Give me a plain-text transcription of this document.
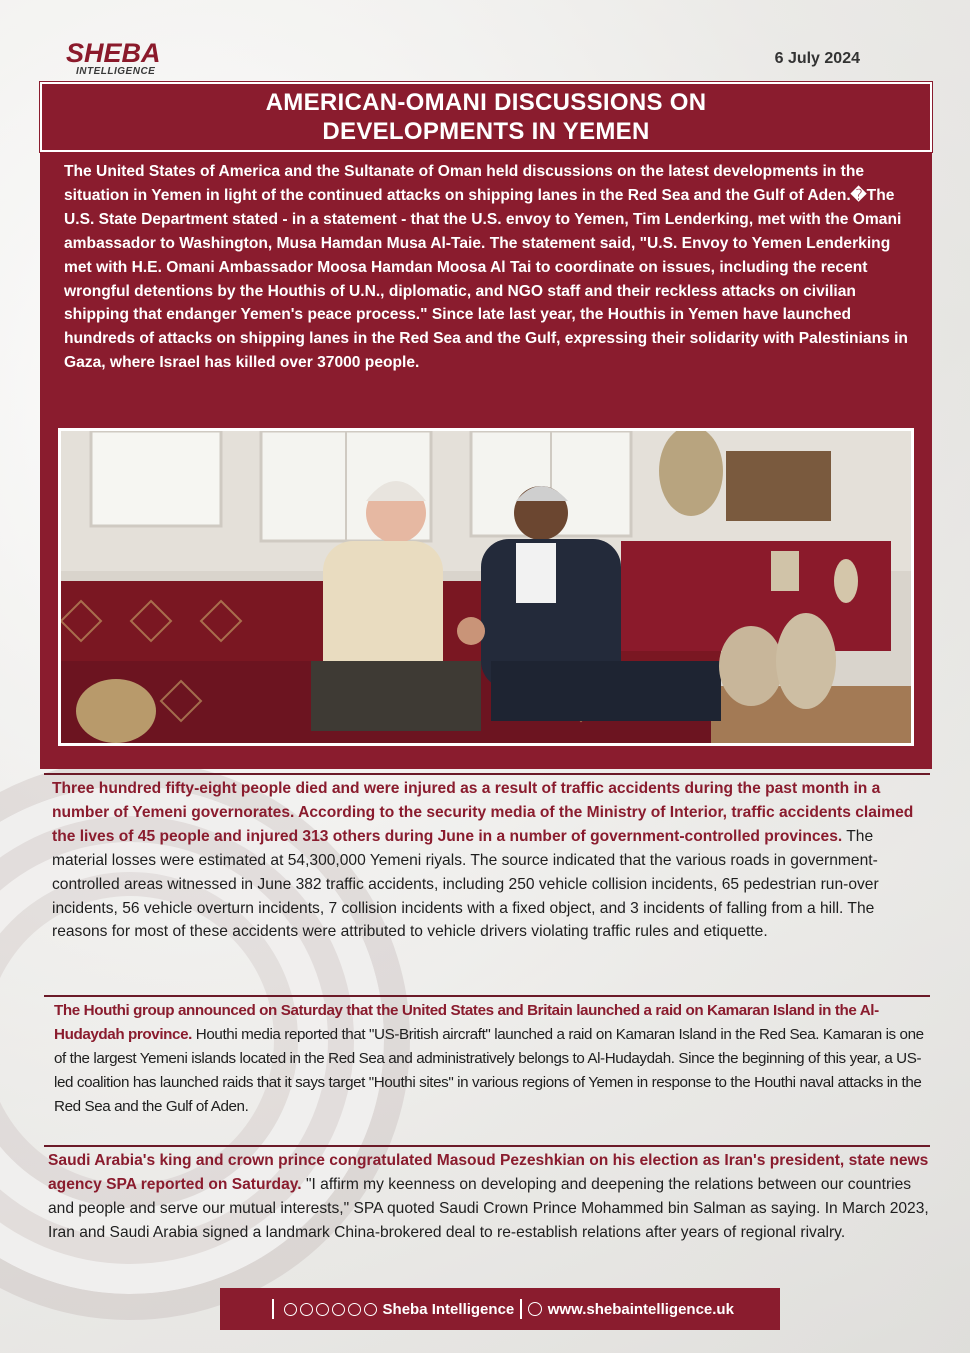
SHEBA
INTELLIGENCE
6 July 2024
AMERICAN-OMANI DISCUSSIONS ON
DEVELOPMENTS IN YEMEN
The United States of America and the Sultanate of Oman held discussions on the latest developments in the situation in Yemen in light of the continued attacks on shipping lanes in the Red Sea and the Gulf of Aden.�The U.S. State Department stated - in a statement - that the U.S. envoy to Yemen, Tim Lenderking, met with the Omani ambassador to Washington, Musa Hamdan Musa Al-Taie. The statement said, "U.S. Envoy to Yemen Lenderking met with H.E. Omani Ambassador Moosa Hamdan Moosa Al Tai to coordinate on issues, including the recent wrongful detentions by the Houthis of U.N., diplomatic, and NGO staff and their reckless attacks on civilian shipping that endanger Yemen's peace process." Since late last year, the Houthis in Yemen have launched hundreds of attacks on shipping lanes in the Red Sea and the Gulf, expressing their solidarity with Palestinians in Gaza, where Israel has killed over 37000 people.
Three hundred fifty-eight people died and were injured as a result of traffic accidents during the past month in a number of Yemeni governorates. According to the security media of the Ministry of Interior, traffic accidents claimed the lives of 45 people and injured 313 others during June in a number of government-controlled provinces. The material losses were estimated at 54,300,000 Yemeni riyals. The source indicated that the various roads in government-controlled areas witnessed in June 382 traffic accidents, including 250 vehicle collision incidents, 65 pedestrian run-over incidents, 56 vehicle overturn incidents, 7 collision incidents with a fixed object, and 3 incidents of falling from a hill. The reasons for most of these accidents were attributed to vehicle drivers violating traffic rules and etiquette.
The Houthi group announced on Saturday that the United States and Britain launched a raid on Kamaran Island in the Al-Hudaydah province. Houthi media reported that "US-British aircraft" launched a raid on Kamaran Island in the Red Sea. Kamaran is one of the largest Yemeni islands located in the Red Sea and administratively belongs to Al-Hudaydah. Since the beginning of this year, a US-led coalition has launched raids that it says target "Houthi sites" in various regions of Yemen in response to the Houthi naval attacks in the Red Sea and the Gulf of Aden.
Saudi Arabia's king and crown prince congratulated Masoud Pezeshkian on his election as Iran's president, state news agency SPA reported on Saturday. "I affirm my keenness on developing and deepening the relations between our countries and people and serve our mutual interests," SPA quoted Saudi Crown Prince Mohammed bin Salman as saying. In March 2023, Iran and Saudi Arabia signed a landmark China-brokered deal to re-establish relations after years of regional rivalry.
Sheba Intelligence www.shebaintelligence.uk
